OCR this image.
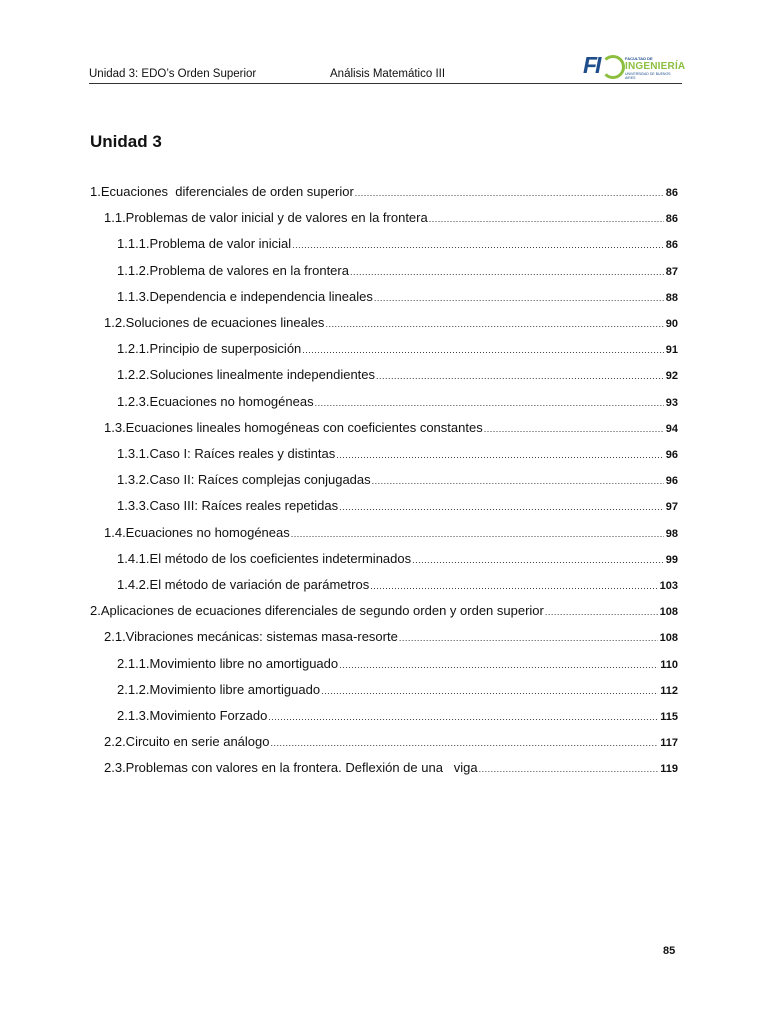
Unidad 3: EDO’s Orden Superior	Análisis Matemático III	FI	FACULTAD DE
INGENIERÍA
UNIVERSIDAD DE BUENOS AIRES
Unidad 3
1.Ecuaciones  diferenciales de orden superior .....	86
1.1.Problemas de valor inicial y de valores en la frontera .....	86
1.1.1.Problema de valor inicial .....	86
1.1.2.Problema de valores en la frontera .....	87
1.1.3.Dependencia e independencia lineales .....	88
1.2.Soluciones de ecuaciones lineales .....	90
1.2.1.Principio de superposición .....	91
1.2.2.Soluciones linealmente independientes .....	92
1.2.3.Ecuaciones no homogéneas .....	93
1.3.Ecuaciones lineales homogéneas con coeficientes constantes .....	94
1.3.1.Caso I: Raíces reales y distintas .....	96
1.3.2.Caso II: Raíces complejas conjugadas .....	96
1.3.3.Caso III: Raíces reales repetidas .....	97
1.4.Ecuaciones no homogéneas .....	98
1.4.1.El método de los coeficientes indeterminados .....	99
1.4.2.El método de variación de parámetros .....	103
2.Aplicaciones de ecuaciones diferenciales de segundo orden y orden superior .....	108
2.1.Vibraciones mecánicas: sistemas masa-resorte .....	108
2.1.1.Movimiento libre no amortiguado .....	110
2.1.2.Movimiento libre amortiguado .....	112
2.1.3.Movimiento Forzado .....	115
2.2.Circuito en serie análogo .....	117
2.3.Problemas con valores en la frontera. Deflexión de una   viga .....	119
85
